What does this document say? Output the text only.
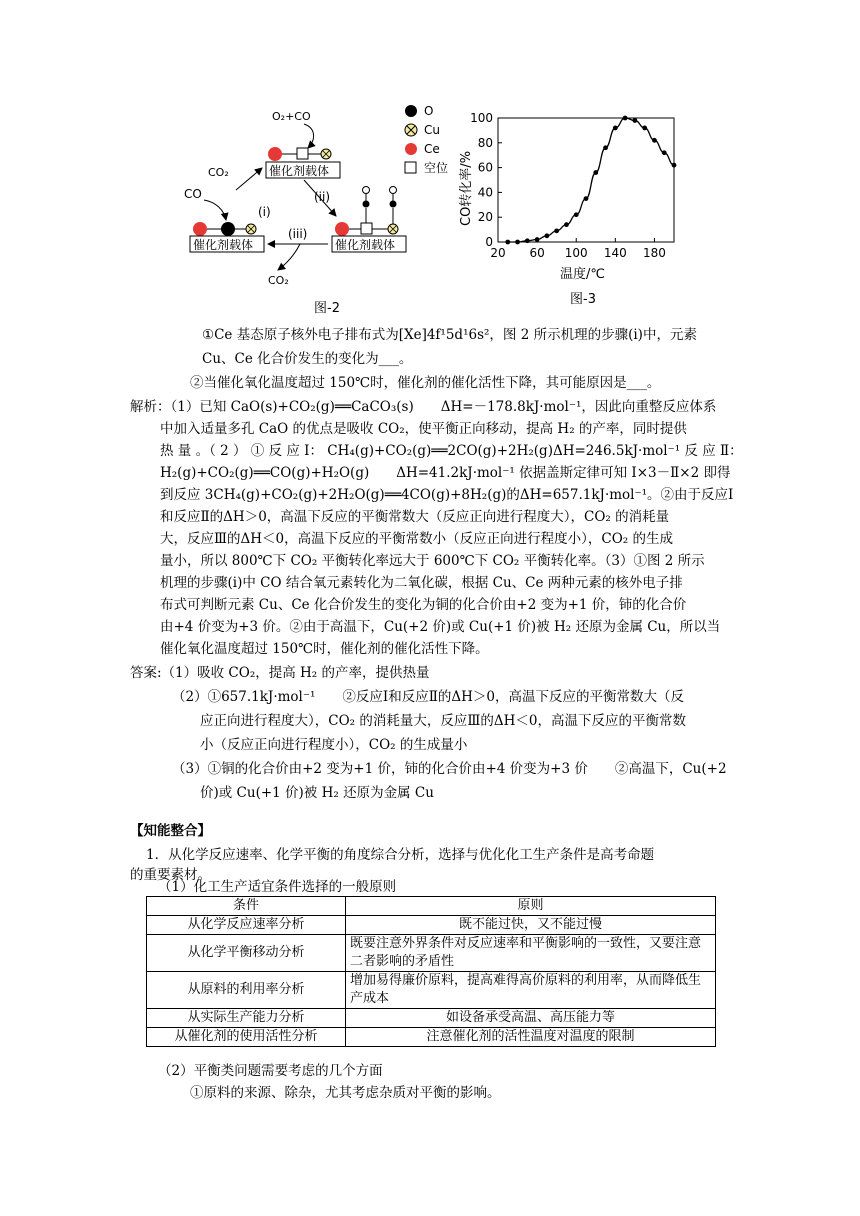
O
Cu
Ce
空位
O₂+CO
催化剂载体
CO₂
CO
(i)
催化剂载体
(ii)
催化剂载体
(iii)
CO₂
图-2
0
20
40
60
80
100
20 60 100 140 180
CO转化率/%
温度/℃
图-3
①Ce 基态原子核外电子排布式为[Xe]4f¹5d¹6s²，图 2 所示机理的步骤(i)中，元素
Cu、Ce 化合价发生的变化为___。
②当催化氧化温度超过 150℃时，催化剂的催化活性下降，其可能原因是___。
解析：（1）已知 CaO(s)+CO₂(g)══CaCO₃(s)　　ΔH=－178.8kJ·mol⁻¹，因此向重整反应体系
中加入适量多孔 CaO 的优点是吸收 CO₂，使平衡正向移动，提高 H₂ 的产率，同时提供
热 量 。（ 2 ） ① 反 应 Ⅰ： CH₄(g)+CO₂(g)══2CO(g)+2H₂(g)ΔH=246.5kJ·mol⁻¹ 反 应 Ⅱ：
H₂(g)+CO₂(g)══CO(g)+H₂O(g)　　ΔH=41.2kJ·mol⁻¹ 依据盖斯定律可知 Ⅰ×3－Ⅱ×2 即得
到反应 3CH₄(g)+CO₂(g)+2H₂O(g)══4CO(g)+8H₂(g)的ΔH=657.1kJ·mol⁻¹。②由于反应Ⅰ
和反应Ⅱ的ΔH＞0，高温下反应的平衡常数大（反应正向进行程度大），CO₂ 的消耗量
大，反应Ⅲ的ΔH＜0，高温下反应的平衡常数小（反应正向进行程度小），CO₂ 的生成
量小，所以 800℃下 CO₂ 平衡转化率远大于 600℃下 CO₂ 平衡转化率。（3）①图 2 所示
机理的步骤(i)中 CO 结合氧元素转化为二氧化碳，根据 Cu、Ce 两种元素的核外电子排
布式可判断元素 Cu、Ce 化合价发生的变化为铜的化合价由+2 变为+1 价，铈的化合价
由+4 价变为+3 价。②由于高温下，Cu(+2 价)或 Cu(+1 价)被 H₂ 还原为金属 Cu，所以当
催化氧化温度超过 150℃时，催化剂的催化活性下降。
答案:（1）吸收 CO₂，提高 H₂ 的产率，提供热量
（2）①657.1kJ·mol⁻¹　　②反应Ⅰ和反应Ⅱ的ΔH＞0，高温下反应的平衡常数大（反
应正向进行程度大），CO₂ 的消耗量大，反应Ⅲ的ΔH＜0，高温下反应的平衡常数
小（反应正向进行程度小），CO₂ 的生成量小
（3）①铜的化合价由+2 变为+1 价，铈的化合价由+4 价变为+3 价　　②高温下，Cu(+2
价)或 Cu(+1 价)被 H₂ 还原为金属 Cu
【知能整合】
1．从化学反应速率、化学平衡的角度综合分析，选择与优化化工生产条件是高考命题
的重要素材。
（1）化工生产适宜条件选择的一般原则
条件	原则
从化学反应速率分析	既不能过快，又不能过慢
从化学平衡移动分析	既要注意外界条件对反应速率和平衡影响的一致性，又要注意二者影响的矛盾性
从原料的利用率分析	增加易得廉价原料，提高难得高价原料的利用率，从而降低生产成本
从实际生产能力分析	如设备承受高温、高压能力等
从催化剂的使用活性分析	注意催化剂的活性温度对温度的限制
（2）平衡类问题需要考虑的几个方面
①原料的来源、除杂，尤其考虑杂质对平衡的影响。
